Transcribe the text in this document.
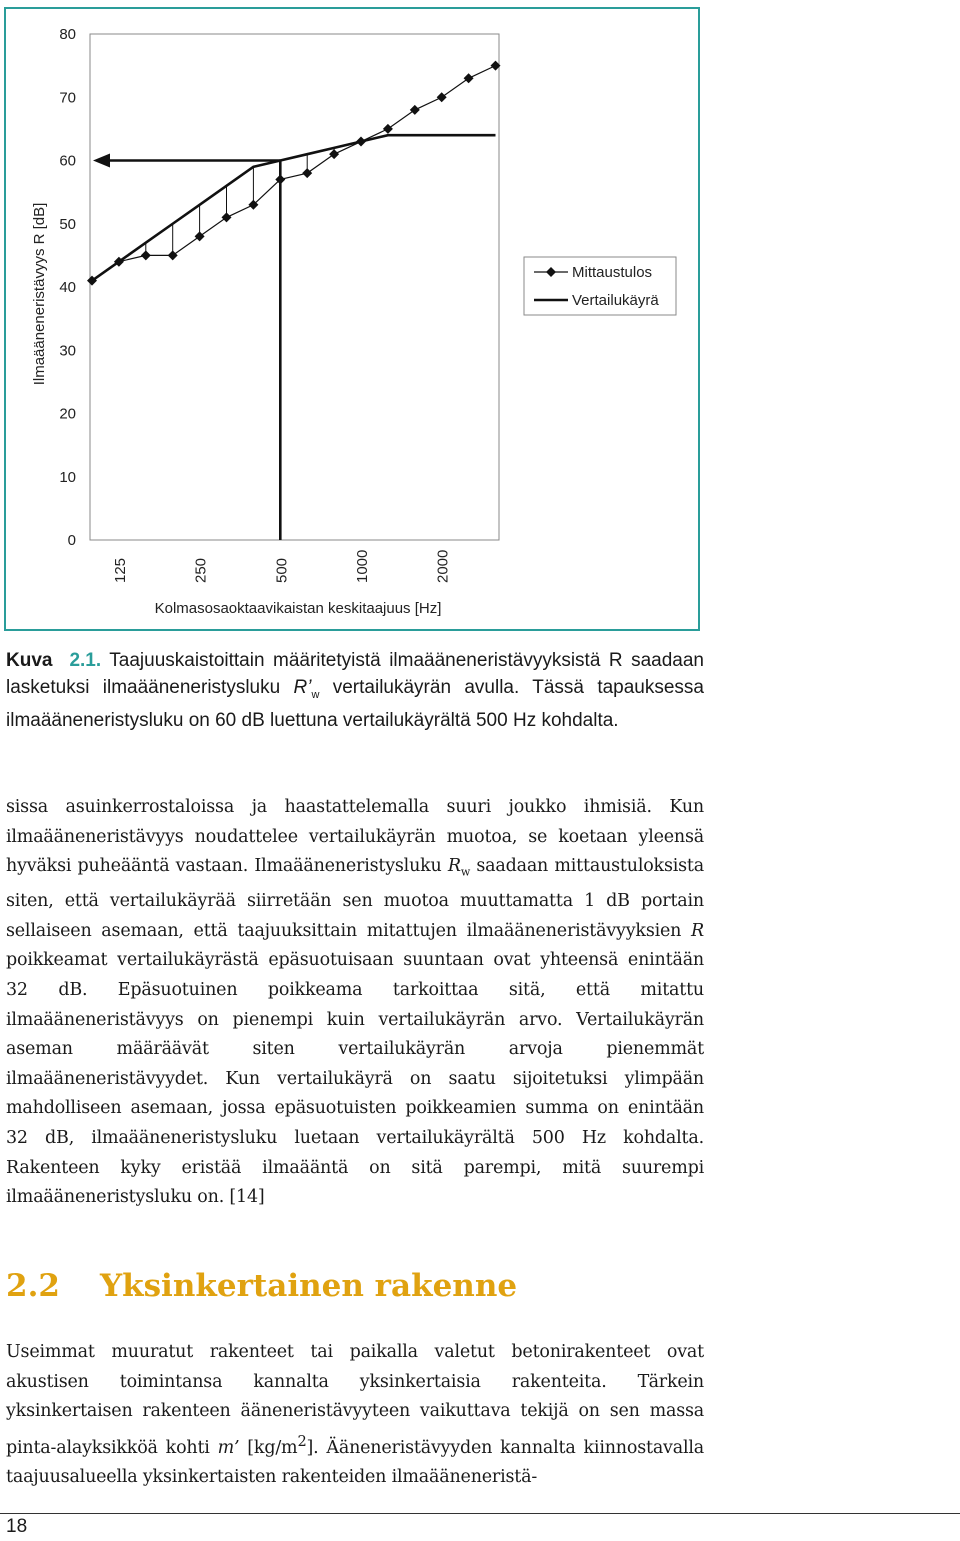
0
10
20
30
40
50
60
70
80
125	250	500	1000	2000
Ilmaääneneristävyys R [dB]
Kolmasosaoktaavikaistan keskitaajuus [Hz]
Mittaustulos
Vertailukäyrä
Kuva 2.1. Taajuuskaistoittain määritetyistä ilmaääneneristävyyksistä R saadaan lasketuksi ilmaääneneristysluku $R’_w$ vertailukäyrän avulla. Tässä tapauksessa ilmaääneneristysluku on 60 dB luettuna vertailukäyrältä 500 Hz kohdalta.

sissa asuinkerrostaloissa ja haastattelemalla suuri joukko ihmisiä. Kun ilmaääneneristävyys noudattelee vertailukäyrän muotoa, se koetaan yleensä hyväksi puheääntä vastaan. Ilmaääneneristysluku $R_w$ saadaan mittaustuloksista siten, että vertailukäyrää siirretään sen muotoa muuttamatta 1 dB portain sellaiseen asemaan, että taajuuksittain mitattujen ilmaääneneristävyyksien R poikkeamat vertailukäyrästä epäsuotuisaan suuntaan ovat yhteensä enintään 32 dB. Epäsuotuinen poikkeama tarkoittaa sitä, että mitattu ilmaääneneristävyys on pienempi kuin vertailukäyrän arvo. Vertailukäyrän aseman määräävät siten vertailukäyrän arvoja pienemmät ilmaääneneristävyydet. Kun vertailukäyrä on saatu sijoitetuksi ylimpään mahdolliseen asemaan, jossa epäsuotuisten poikkeamien summa on enintään 32 dB, ilmaääneneristysluku luetaan vertailukäyrältä 500 Hz kohdalta. Rakenteen kyky eristää ilmaääntä on sitä parempi, mitä suurempi ilmaääneneristysluku on. [14]

2.2 Yksinkertainen rakenne

Useimmat muuratut rakenteet tai paikalla valetut betonirakenteet ovat akustisen toimintansa kannalta yksinkertaisia rakenteita. Tärkein yksinkertaisen rakenteen ääneneristävyyteen vaikuttava tekijä on sen massa pinta-alayksikköä kohti m’ $[kg/m^2]$. Ääneneristävyyden kannalta kiinnostavalla taajuusalueella yksinkertaisten rakenteiden ilmaääneneristä-

18
